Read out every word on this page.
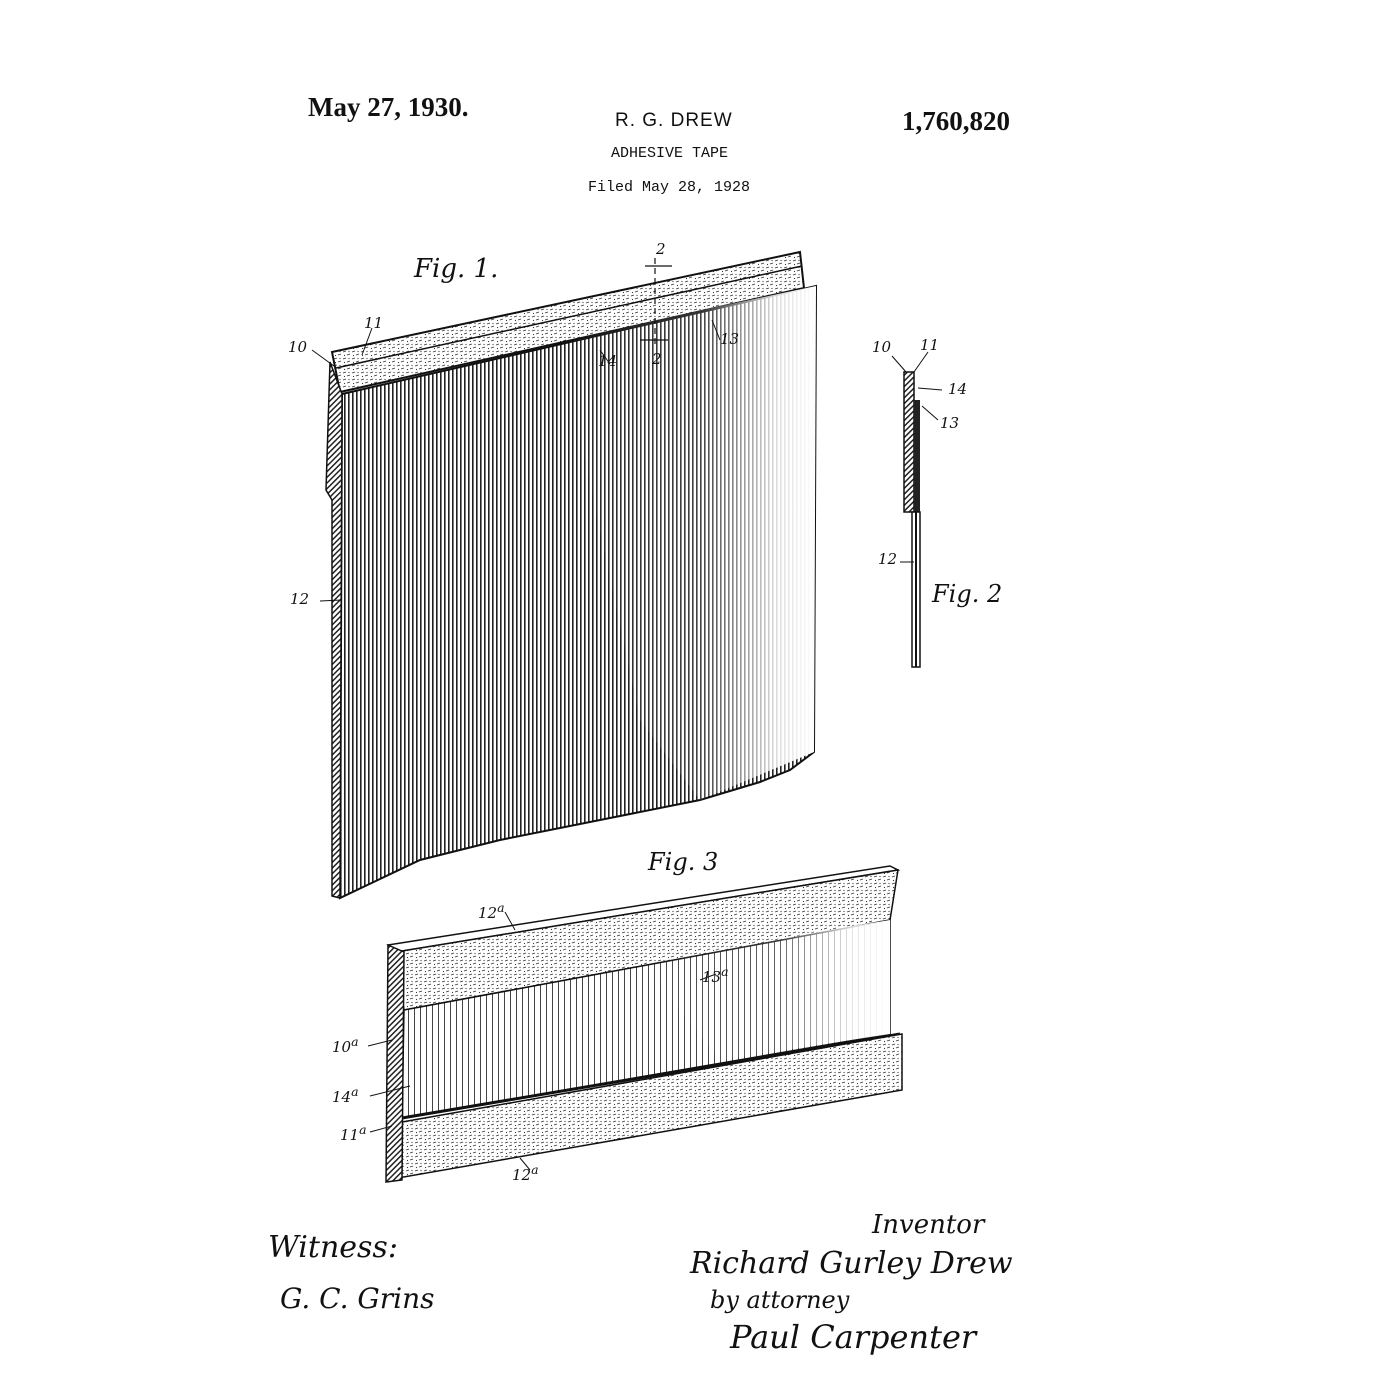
May 27, 1930.	R. G. DREW	1,760,820
ADHESIVE TAPE
Filed May 28, 1928
Fig. 1.
Fig. 2
Fig. 3
10
11
12
13
14
2
2
10 11
14
13
12
12$^a$
13$^a$
10$^a$
14$^a$
11$^a$
12$^a$
Witness:
G. C. Grins
Inventor
Richard Gurley Drew
by attorney
Paul Carpenter
